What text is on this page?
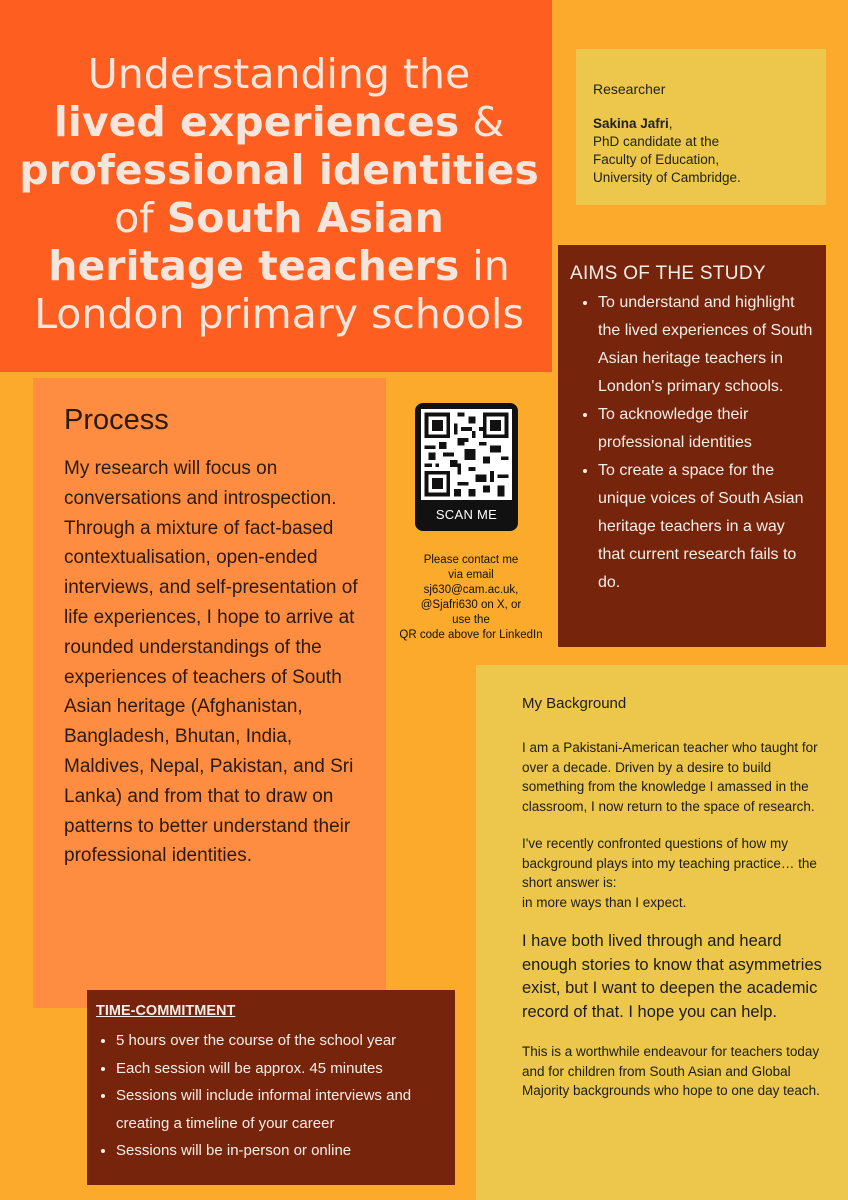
Understanding the
lived experiences &
professional identities
of South Asian
heritage teachers in
London primary schools
Researcher
Sakina Jafri,
PhD candidate at the
Faculty of Education,
University of Cambridge.
AIMS OF THE STUDY
• To understand and highlight the lived experiences of South Asian heritage teachers in London's primary schools.
• To acknowledge their professional identities
• To create a space for the unique voices of South Asian heritage teachers in a way that current research fails to do.
Process

My research will focus on conversations and introspection. Through a mixture of fact-based contextualisation, open-ended interviews, and self-presentation of life experiences, I hope to arrive at rounded understandings of the experiences of teachers of South Asian heritage (Afghanistan, Bangladesh, Bhutan, India, Maldives, Nepal, Pakistan, and Sri Lanka) and from that to draw on patterns to better understand their professional identities.

SCAN ME
Please contact me
via email
sj630@cam.ac.uk,
@Sjafri630 on X, or
use the
QR code above for LinkedIn
My Background

I am a Pakistani-American teacher who taught for over a decade. Driven by a desire to build something from the knowledge I amassed in the classroom, I now return to the space of research.

I've recently confronted questions of how my background plays into my teaching practice… the short answer is:
in more ways than I expect.

I have both lived through and heard enough stories to know that asymmetries exist, but I want to deepen the academic record of that. I hope you can help.

This is a worthwhile endeavour for teachers today and for children from South Asian and Global Majority backgrounds who hope to one day teach.

TIME-COMMITMENT
• 5 hours over the course of the school year
• Each session will be approx. 45 minutes
• Sessions will include informal interviews and creating a timeline of your career
• Sessions will be in-person or online
